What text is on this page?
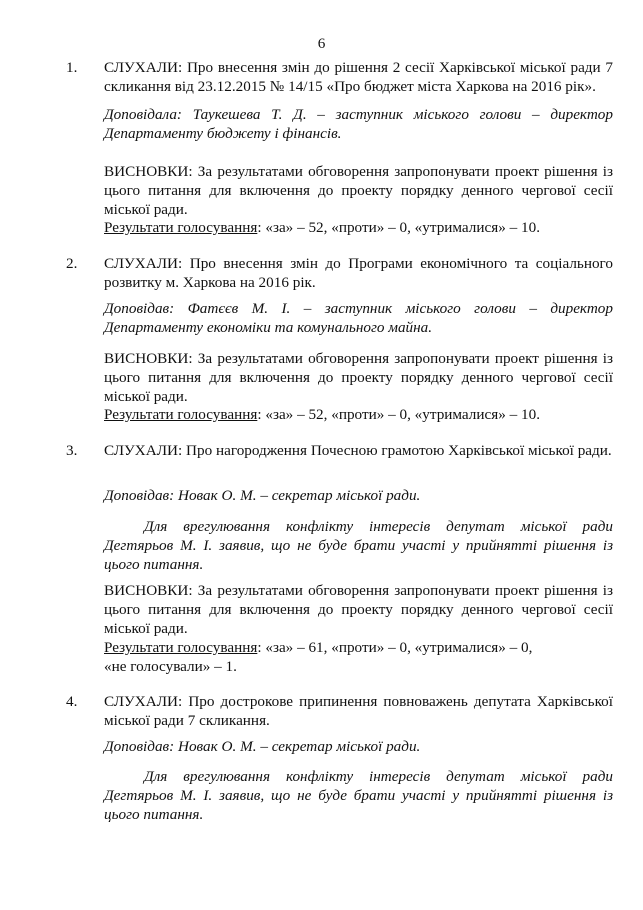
6
1. СЛУХАЛИ: Про внесення змін до рішення 2 сесії Харківської міської ради 7 скликання від 23.12.2015 № 14/15 «Про бюджет міста Харкова на 2016 рік».

Доповідала: Таукешева Т. Д. – заступник міського голови – директор Департаменту бюджету і фінансів.

ВИСНОВКИ: За результатами обговорення запропонувати проект рішення із цього питання для включення до проекту порядку денного чергової сесії міської ради.

Результати голосування: «за» – 52, «проти» – 0, «утрималися» – 10.

2. СЛУХАЛИ: Про внесення змін до Програми економічного та соціального розвитку м. Харкова на 2016 рік.

Доповідав: Фатєєв М. І. – заступник міського голови – директор Департаменту економіки та комунального майна.

ВИСНОВКИ: За результатами обговорення запропонувати проект рішення із цього питання для включення до проекту порядку денного чергової сесії міської ради.

Результати голосування: «за» – 52, «проти» – 0, «утрималися» – 10.

3. СЛУХАЛИ: Про нагородження Почесною грамотою Харківської міської ради.

Доповідав: Новак О. М. – секретар міської ради.

Для врегулювання конфлікту інтересів депутат міської ради Дегтярьов М. І. заявив, що не буде брати участі у прийнятті рішення із цього питання.

ВИСНОВКИ: За результатами обговорення запропонувати проект рішення із цього питання для включення до проекту порядку денного чергової сесії міської ради.

Результати голосування: «за» – 61, «проти» – 0, «утрималися» – 0,
«не голосували» – 1.

4. СЛУХАЛИ: Про дострокове припинення повноважень депутата Харківської міської ради 7 скликання.

Доповідав: Новак О. М. – секретар міської ради.

Для врегулювання конфлікту інтересів депутат міської ради Дегтярьов М. І. заявив, що не буде брати участі у прийнятті рішення із цього питання.
